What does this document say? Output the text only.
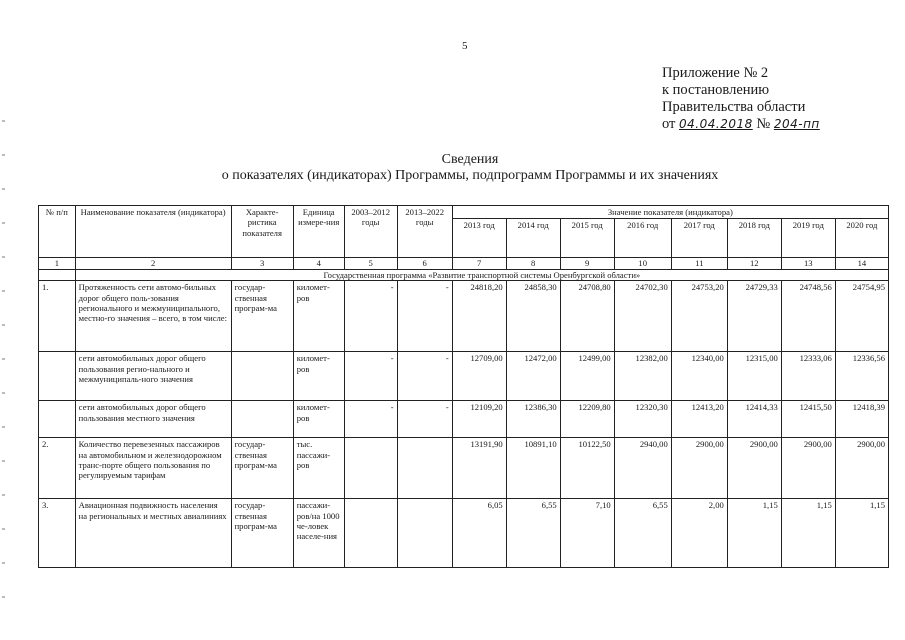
5
Приложение № 2
к постановлению
Правительства области
от 04.04.2018 № 204-пп
Сведения
о показателях (индикаторах) Программы, подпрограмм Программы и их значениях
№ п/п	Наименование показателя (индикатора)	Характе-ристика показателя	Единица измере-ния	2003–2012 годы	2013–2022 годы	Значение показателя (индикатора)							
						2013 год	2014 год	2015 год	2016 год	2017 год	2018 год	2019 год	2020 год
1	2	3	4	5	6	7	8	9	10	11	12	13	14
	Государственная программа «Развитие транспортной системы Оренбургской области»												
1.	Протяженность сети автомо-бильных дорог общего поль-зования регионального и межмуниципального, местно-го значения – всего, в том числе:	государ-ственная програм-ма	километ-ров	-	-	24818,20	24858,30	24708,80	24702,30	24753,20	24729,33	24748,56	24754,95
	сети автомобильных дорог общего пользования регио-нального и межмуниципаль-ного значения		километ-ров	-	-	12709,00	12472,00	12499,00	12382,00	12340,00	12315,00	12333,06	12336,56
	сети автомобильных дорог общего пользования местного значения		километ-ров	-	-	12109,20	12386,30	12209,80	12320,30	12413,20	12414,33	12415,50	12418,39
2.	Количество перевезенных пассажиров на автомобильном и железнодорожном транс-порте общего пользования по регулируемым тарифам	государ-ственная програм-ма	тыс. пассажи-ров			13191,90	10891,10	10122,50	2940,00	2900,00	2900,00	2900,00	2900,00
3.	Авиационная подвижность населения на региональных и местных авиалиниях	государ-ственная програм-ма	пассажи-ров/на 1000 че-ловек населе-ния			6,05	6,55	7,10	6,55	2,00	1,15	1,15	1,15
